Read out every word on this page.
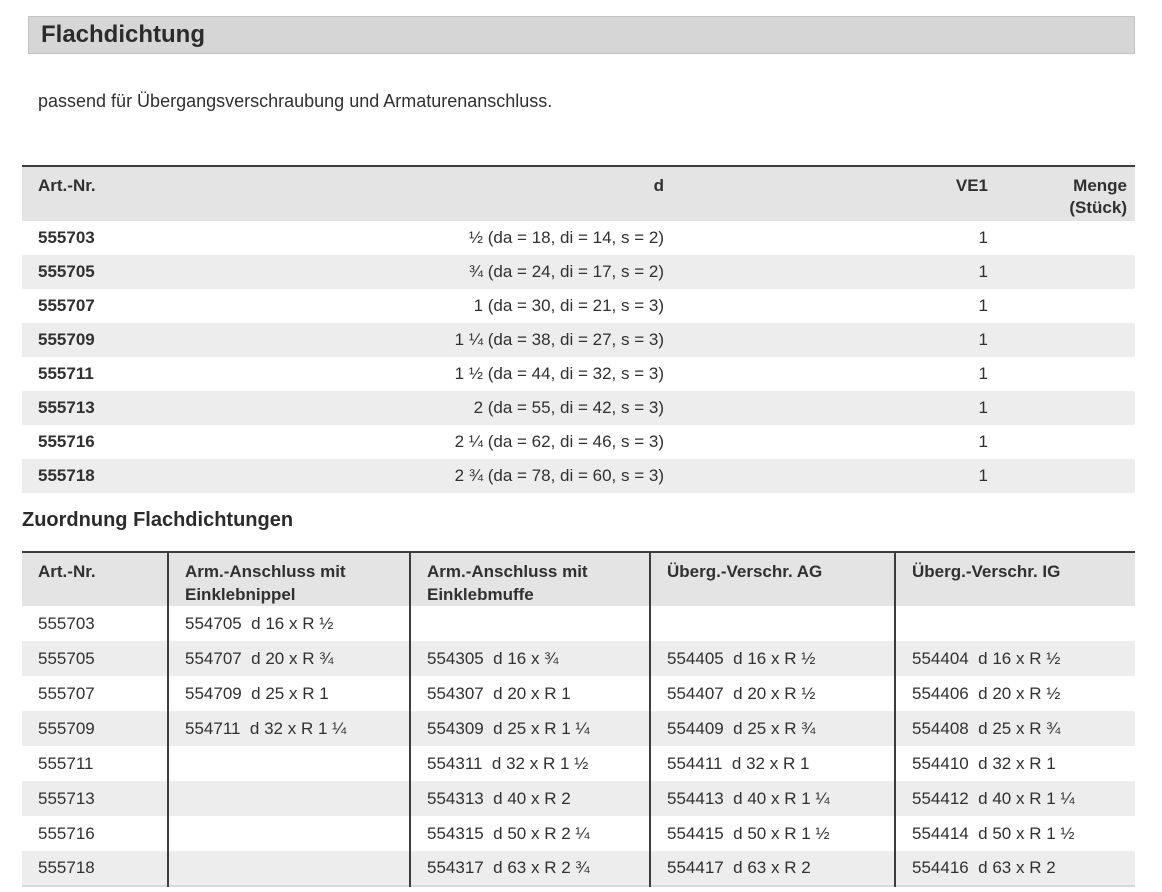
Flachdichtung

passend für Übergangsverschraubung und Armaturenanschluss.

Art.-Nr.	d	VE1	Menge
(Stück)
555703	½ (da = 18, di = 14, s = 2)	1	
555705	¾ (da = 24, di = 17, s = 2)	1	
555707	1 (da = 30, di = 21, s = 3)	1	
555709	1 ¼ (da = 38, di = 27, s = 3)	1	
555711	1 ½ (da = 44, di = 32, s = 3)	1	
555713	2 (da = 55, di = 42, s = 3)	1	
555716	2 ¼ (da = 62, di = 46, s = 3)	1	
555718	2 ¾ (da = 78, di = 60, s = 3)	1	
Zuordnung Flachdichtungen
Art.-Nr.	Arm.-Anschluss mit Einklebnippel	Arm.-Anschluss mit Einklebmuffe	Überg.-Verschr. AG	Überg.-Verschr. IG
555703	554705  d 16 x R ½			
555705	554707  d 20 x R ¾	554305  d 16 x ¾	554405  d 16 x R ½	554404  d 16 x R ½
555707	554709  d 25 x R 1	554307  d 20 x R 1	554407  d 20 x R ½	554406  d 20 x R ½
555709	554711  d 32 x R 1 ¼	554309  d 25 x R 1 ¼	554409  d 25 x R ¾	554408  d 25 x R ¾
555711		554311  d 32 x R 1 ½	554411  d 32 x R 1	554410  d 32 x R 1
555713		554313  d 40 x R 2	554413  d 40 x R 1 ¼	554412  d 40 x R 1 ¼
555716		554315  d 50 x R 2 ¼	554415  d 50 x R 1 ½	554414  d 50 x R 1 ½
555718		554317  d 63 x R 2 ¾	554417  d 63 x R 2	554416  d 63 x R 2
